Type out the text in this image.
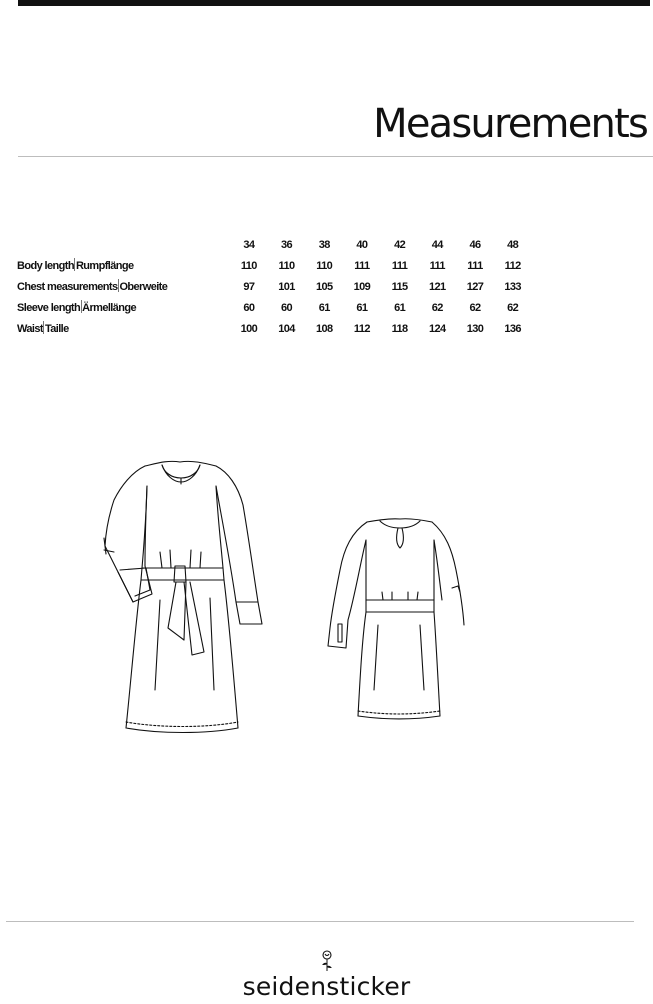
Measurements
	34	36	38	40	42	44	46	48
Body length Rumpflänge	110	110	110	111	111	111	111	112
Chest measurements Oberweite	97	101	105	109	115	121	127	133
Sleeve length Ärmellänge	60	60	61	61	61	62	62	62
Waist Taille	100	104	108	112	118	124	130	136
seidensticker
